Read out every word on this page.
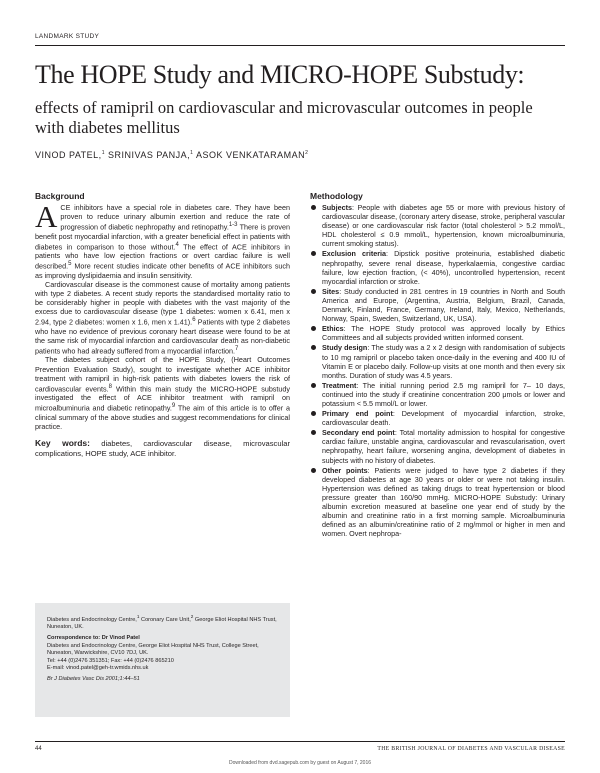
LANDMARK STUDY
The HOPE Study and MICRO-HOPE Substudy:
effects of ramipril on cardiovascular and microvascular outcomes in people with diabetes mellitus
VINOD PATEL,$^1$ SRINIVAS PANJA,$^1$ ASOK VENKATARAMAN$^2$
Background

ACE inhibitors have a special role in diabetes care. They have been proven to reduce urinary albumin exertion and reduce the rate of progression of diabetic nephropathy and retinopathy.$^{1-3}$ There is proven benefit post myocardial infarction, with a greater beneficial effect in patients with diabetes in comparison to those without.$^4$ The effect of ACE inhibitors in patients who have low ejection fractions or overt cardiac failure is well described.$^5$ More recent studies indicate other benefits of ACE inhibitors such as improving dyslipidaemia and insulin sensitivity.

Cardiovascular disease is the commonest cause of mortality among patients with type 2 diabetes. A recent study reports the standardised mortality ratio to be considerably higher in people with diabetes with the vast majority of the excess due to cardiovascular disease (type 1 diabetes: women x 6.41, men x 2.94, type 2 diabetes: women x 1.6, men x 1.41).$^6$ Patients with type 2 diabetes who have no evidence of previous coronary heart disease were found to be at the same risk of myocardial infarction and cardiovascular death as non-diabetic patients who had already suffered from a myocardial infarction.$^7$

The diabetes subject cohort of the HOPE Study, (Heart Outcomes Prevention Evaluation Study), sought to investigate whether ACE inhibitor treatment with ramipril in high-risk patients with diabetes lowers the risk of cardiovascular events.$^8$ Within this main study the MICRO-HOPE substudy investigated the effect of ACE inhibitor treatment with ramipril on microalbuminuria and diabetic retinopathy.$^9$ The aim of this article is to offer a clinical summary of the above studies and suggest recommendations for clinical practice.

Key words: diabetes, cardiovascular disease, microvascular complications, HOPE study, ACE inhibitor.

Diabetes and Endocrinology Centre,$^1$ Coronary Care Unit,$^2$ George Eliot Hospital NHS Trust, Nuneaton, UK.

Correspondence to: Dr Vinod Patel

Diabetes and Endocrinology Centre, George Eliot Hospital NHS Trust, College Street, Nuneaton, Warwickshire, CV10 7DJ, UK.
Tel: +44 (0)2476 351351; Fax: +44 (0)2476 865210
E-mail: vinod.patel@geh-tr.wmids.nhs.uk

Br J Diabetes Vasc Dis 2001;1:44–51

Methodology
Subjects: People with diabetes age 55 or more with previous history of cardiovascular disease, (coronary artery disease, stroke, peripheral vascular disease) or one cardiovascular risk factor (total cholesterol > 5.2 mmol/L, HDL cholesterol ≤ 0.9 mmol/L, hypertension, known microalbuminuria, current smoking status).
Exclusion criteria: Dipstick positive proteinuria, established diabetic nephropathy, severe renal disease, hyperkalaemia, congestive cardiac failure, low ejection fraction, (< 40%), uncontrolled hypertension, recent myocardial infarction or stroke.
Sites: Study conducted in 281 centres in 19 countries in North and South America and Europe, (Argentina, Austria, Belgium, Brazil, Canada, Denmark, Finland, France, Germany, Ireland, Italy, Mexico, Netherlands, Norway, Spain, Sweden, Switzerland, UK, USA).
Ethics: The HOPE Study protocol was approved locally by Ethics Committees and all subjects provided written informed consent.
Study design: The study was a 2 x 2 design with randomisation of subjects to 10 mg ramipril or placebo taken once-daily in the evening and 400 IU of Vitamin E or placebo daily. Follow-up visits at one month and then every six months. Duration of study was 4.5 years.
Treatment: The initial running period 2.5 mg ramipril for 7– 10 days, continued into the study if creatinine concentration 200 μmols or lower and potassium < 5.5 mmol/L or lower.
Primary end point: Development of myocardial infarction, stroke, cardiovascular death.
Secondary end point: Total mortality admission to hospital for congestive cardiac failure, unstable angina, cardiovascular and revascularisation, overt nephropathy, heart failure, worsening angina, development of diabetes in subjects with no history of diabetes.
Other points: Patients were judged to have type 2 diabetes if they developed diabetes at age 30 years or older or were not taking insulin. Hypertension was defined as taking drugs to treat hypertension or blood pressure greater than 160/90 mmHg. MICRO-HOPE Substudy: Urinary albumin excretion measured at baseline one year end of study by the albumin and creatinine ratio in a first morning sample. Microalbuminuria defined as an albumin/creatinine ratio of 2 mg/mmol or higher in men and women. Overt nephropa-
44	THE BRITISH JOURNAL OF DIABETES AND VASCULAR DISEASE
Downloaded from dvd.sagepub.com by guest on August 7, 2016
